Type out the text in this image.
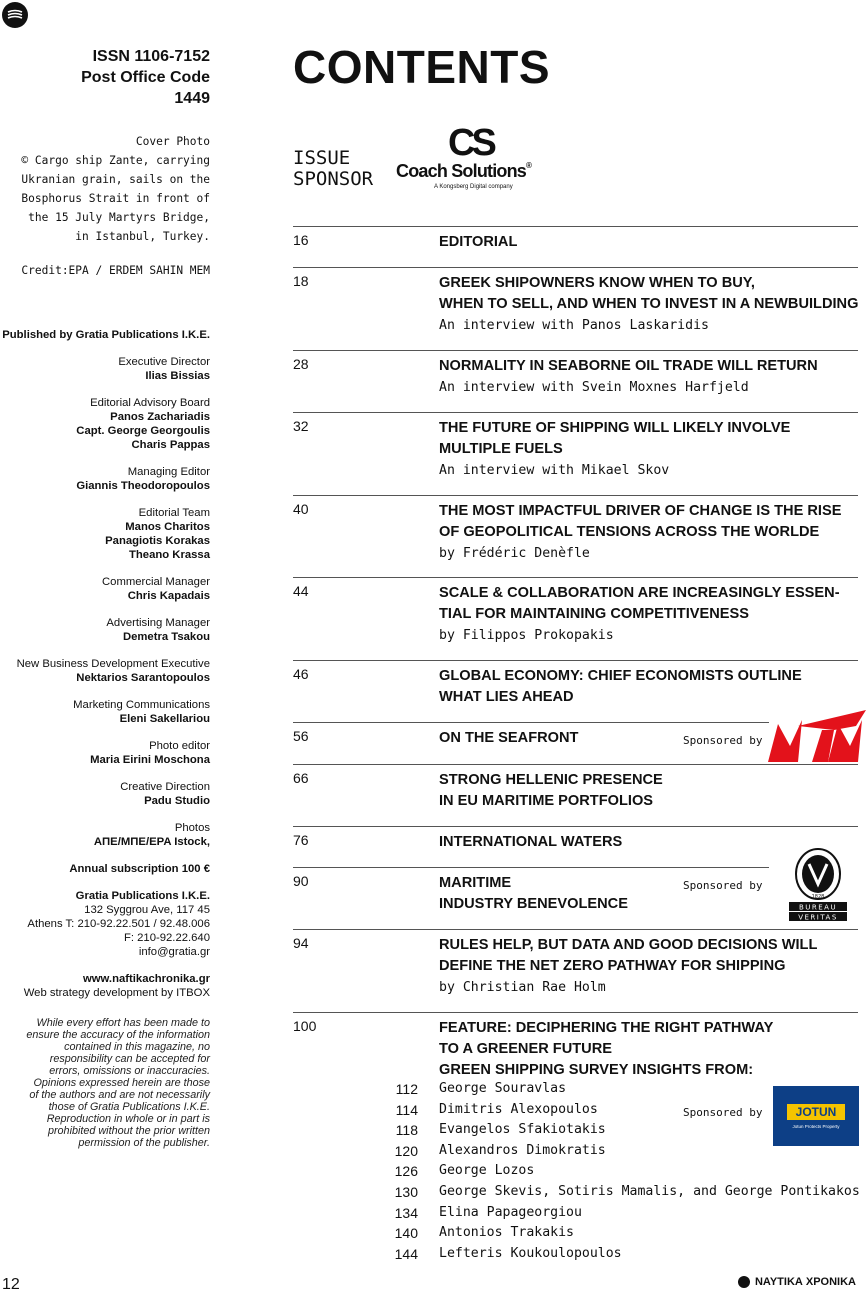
ISSN 1106-7152
Post Office Code
1449
Cover Photo
© Cargo ship Zante, carrying
Ukranian grain, sails on the
Bosphorus Strait in front of
the 15 July Martyrs Bridge,
in Istanbul, Turkey.
Credit:EPA / ERDEM SAHIN MEM
Published by Gratia Publications I.K.E.
Executive Director
Ilias Bissias
Editorial Advisory Board
Panos Zachariadis
Capt. George Georgoulis
Charis Pappas
Managing Editor
Giannis Theodoropoulos
Editorial Team
Manos Charitos
Panagiotis Korakas
Theano Krassa
Commercial Manager
Chris Kapadais
Advertising Manager
Demetra Tsakou
New Business Development Executive
Nektarios Sarantopoulos
Marketing Communications
Eleni Sakellariou
Photo editor
Maria Eirini Moschona
Creative Direction
Padu Studio
Photos
ΑΠΕ/ΜΠΕ/EPA Istock,
Annual subscription 100 €
Gratia Publications I.K.E.
132 Syggrou Ave, 117 45
Athens T: 210-92.22.501 / 92.48.006
F: 210-92.22.640
info@gratia.gr
www.naftikachronika.gr
Web strategy development by ITBOX
While every effort has been made to
ensure the accuracy of the information
contained in this magazine, no
responsibility can be accepted for
errors, omissions or inaccuracies.
Opinions expressed herein are those
of the authors and are not necessarily
those of Gratia Publications I.K.E.
Reproduction in whole or in part is
prohibited without the prior written
permission of the publisher.
CONTENTS
ISSUE
SPONSOR
CS
Coach Solutions®
A Kongsberg Digital company
16	EDITORIAL
18	GREEK SHIPOWNERS KNOW WHEN TO BUY,
WHEN TO SELL, AND WHEN TO INVEST IN A NEWBUILDING
An interview with Panos Laskaridis
28	NORMALITY IN SEABORNE OIL TRADE WILL RETURN
An interview with Svein Moxnes Harfjeld
32	THE FUTURE OF SHIPPING WILL LIKELY INVOLVE
MULTIPLE FUELS
An interview with Mikael Skov
40	THE MOST IMPACTFUL DRIVER OF CHANGE IS THE RISE
OF GEOPOLITICAL TENSIONS ACROSS THE WORLDE
by Frédéric Denèfle
44	SCALE & COLLABORATION ARE INCREASINGLY ESSEN-
TIAL FOR MAINTAINING COMPETITIVENESS
by Filippos Prokopakis
46	GLOBAL ECONOMY: CHIEF ECONOMISTS OUTLINE
WHAT LIES AHEAD
56	ON THE SEAFRONT	Sponsored by
66	STRONG HELLENIC PRESENCE
IN EU MARITIME PORTFOLIOS
76	INTERNATIONAL WATERS
90	MARITIME
INDUSTRY BENEVOLENCE
Sponsored by
BUREAU
VERITAS
1828
94	RULES HELP, BUT DATA AND GOOD DECISIONS WILL
DEFINE THE NET ZERO PATHWAY FOR SHIPPING
by Christian Rae Holm
100	FEATURE: DECIPHERING THE RIGHT PATHWAY
TO A GREENER FUTURE
GREEN SHIPPING SURVEY INSIGHTS FROM:
112 George Souravlas
114 Dimitris Alexopoulos
118 Evangelos Sfakiotakis
120 Alexandros Dimokratis
126 George Lozos
130 George Skevis, Sotiris Mamalis, and George Pontikakos
134 Elina Papageorgiou
140 Antonios Trakakis
144 Lefteris Koukoulopoulos
Sponsored by	JOTUN
Jotun Protects Property
12	ΝΑΥΤΙΚΑ ΧΡΟΝΙΚΑ
